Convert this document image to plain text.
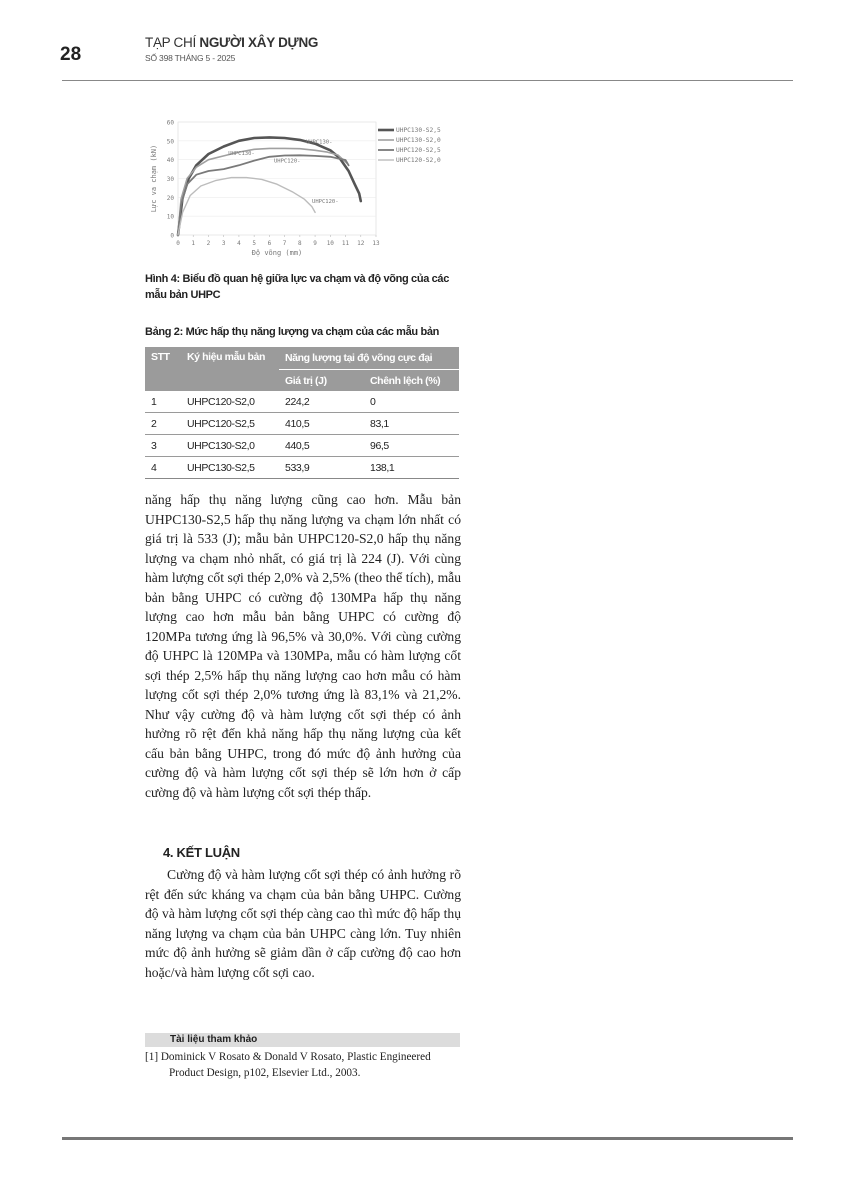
28
TẠP CHÍ NGƯỜI XÂY DỰNG
SỐ 398 THÁNG 5 - 2025
0
10
20
30
40
50
60
0 1 2 3 4 5 6 7 8 9 10 11 12 13
UHPC130-
UHPC130-
UHPC120-
UHPC120-
UHPC130-S2,5
UHPC130-S2,0
UHPC120-S2,5
UHPC120-S2,0
Độ võng (mm)
Lực va chạm (kN)
Hình 4: Biểu đồ quan hệ giữa lực va chạm và độ võng của các mẫu bản UHPC
Bảng 2: Mức hấp thụ năng lượng va chạm của các mẫu bản
STT	Ký hiệu mẫu bản	Năng lượng tại độ võng cực đại	
		Giá trị (J)	Chênh lệch (%)
1	UHPC120-S2,0	224,2	0
2	UHPC120-S2,5	410,5	83,1
3	UHPC130-S2,0	440,5	96,5
4	UHPC130-S2,5	533,9	138,1

năng hấp thụ năng lượng cũng cao hơn. Mẫu bản UHPC130-S2,5 hấp thụ năng lượng va chạm lớn nhất có giá trị là 533 (J); mẫu bản UHPC120-S2,0 hấp thụ năng lượng va chạm nhỏ nhất, có giá trị là 224 (J). Với cùng hàm lượng cốt sợi thép 2,0% và 2,5% (theo thể tích), mẫu bản bằng UHPC có cường độ 130MPa hấp thụ năng lượng cao hơn mẫu bản bằng UHPC có cường độ 120MPa tương ứng là 96,5% và 30,0%. Với cùng cường độ UHPC là 120MPa và 130MPa, mẫu có hàm lượng cốt sợi thép 2,5% hấp thụ năng lượng cao hơn mẫu có hàm lượng cốt sợi thép 2,0% tương ứng là 83,1% và 21,2%. Như vậy cường độ và hàm lượng cốt sợi thép có ảnh hưởng rõ rệt đến khả năng hấp thụ năng lượng của kết cấu bản bằng UHPC, trong đó mức độ ảnh hưởng của cường độ và hàm lượng cốt sợi thép sẽ lớn hơn ở cấp cường độ và hàm lượng cốt sợi thép thấp.

4. KẾT LUẬN

Cường độ và hàm lượng cốt sợi thép có ảnh hưởng rõ rệt đến sức kháng va chạm của bản bằng UHPC. Cường độ và hàm lượng cốt sợi thép càng cao thì mức độ hấp thụ năng lượng va chạm của bản UHPC càng lớn. Tuy nhiên mức độ ảnh hưởng sẽ giảm dần ở cấp cường độ cao hơn hoặc/và hàm lượng cốt sợi cao.

Tài liệu tham khảo
[1] Dominick V Rosato & Donald V Rosato, Plastic Engineered Product Design, p102, Elsevier Ltd., 2003.
